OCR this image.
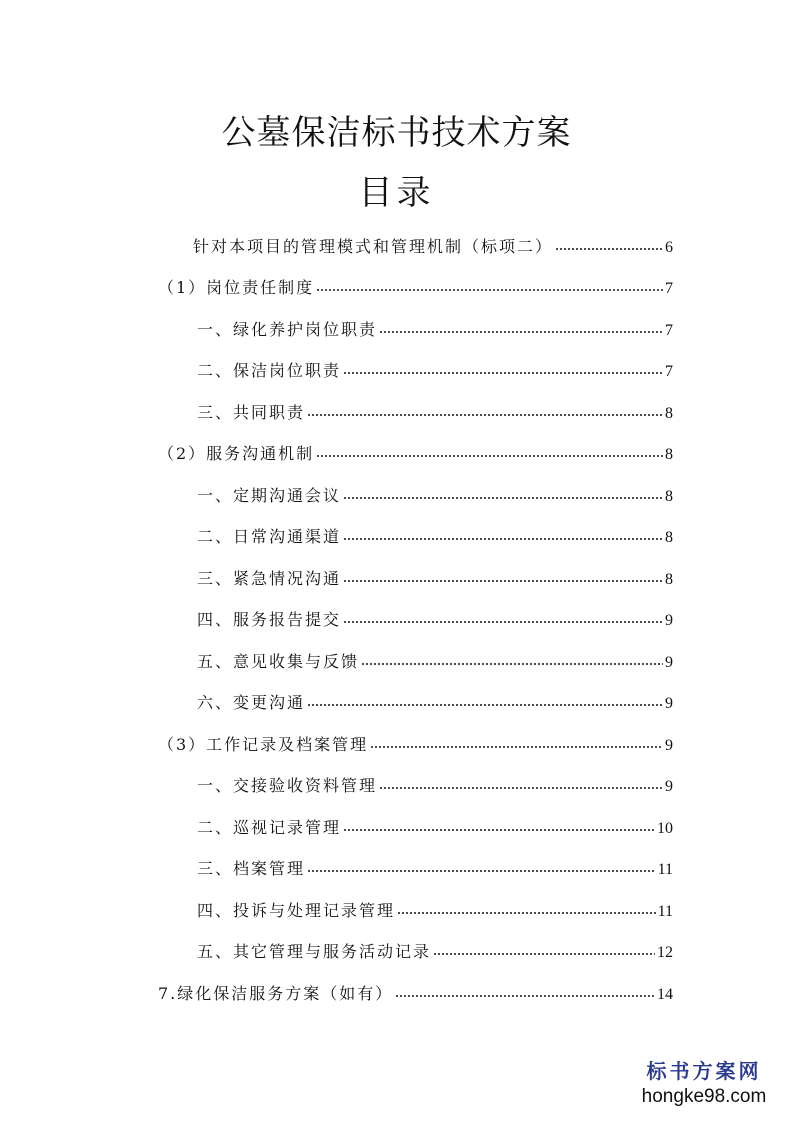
公墓保洁标书技术方案
目录
针对本项目的管理模式和管理机制（标项二）	6
（1）岗位责任制度	7
一、绿化养护岗位职责	7
二、保洁岗位职责	7
三、共同职责	8
（2）服务沟通机制	8
一、定期沟通会议	8
二、日常沟通渠道	8
三、紧急情况沟通	8
四、服务报告提交	9
五、意见收集与反馈	9
六、变更沟通	9
（3）工作记录及档案管理	9
一、交接验收资料管理	9
二、巡视记录管理	10
三、档案管理	11
四、投诉与处理记录管理	11
五、其它管理与服务活动记录	12
7.绿化保洁服务方案（如有）	14
标书方案网
hongke98.com
